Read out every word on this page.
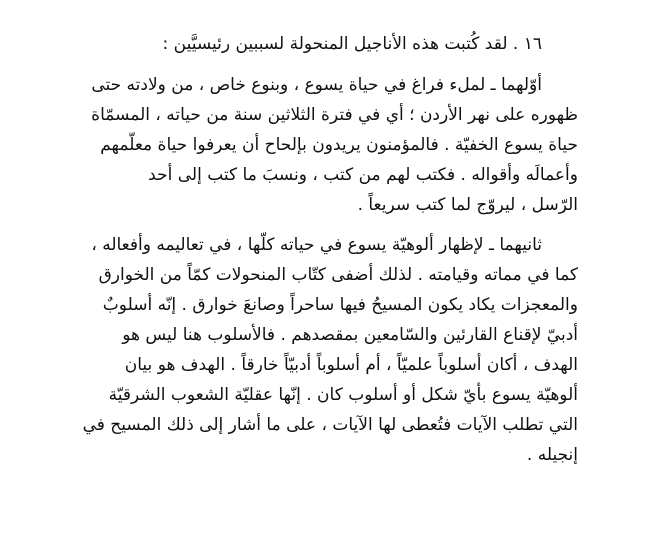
١٦ . لقد كُتبت هذه الأناجيل المنحولة لسببين رئيسيَّين :

أوّلهما ـ لملء فراغ في حياة يسوع ، وبنوع خاص ، من ولادته حتى
ظهوره على نهر الأردن ؛ أي في فترة الثلاثين سنة من حياته ، المسمّاة
حياة يسوع الخفيّة . فالمؤمنون يريدون بإلحاح أن يعرفوا حياة معلّمهم
وأعمالَه وأقواله . فكتب لهم من كتب ، ونسبَ ما كتب إلى أحد
الرّسل ، ليروّج لما كتب سريعاً .
ثانيهما ـ لإظهار ألوهيّة يسوع في حياته كلّها ، في تعاليمه وأفعاله ،
كما في مماته وقيامته . لذلك أضفى كتّاب المنحولات كمّاً من الخوارق
والمعجزات يكاد يكون المسيحُ فيها ساحراً وصانعَ خوارق . إنّه أسلوبٌ
أدبيّ لإقناع القارئين والسّامعين بمقصدهم . فالأسلوب هنا ليس هو
الهدف ، أكان أسلوباً علميّاً ، أم أسلوباً أدبيّاً خارقاً . الهدف هو بيان
ألوهيّة يسوع بأيّ شكل أو أسلوب كان . إنّها عقليّة الشعوب الشرقيّة
التي تطلب الآيات فتُعطى لها الآيات ، على ما أشار إلى ذلك المسيح في
إنجيله .
